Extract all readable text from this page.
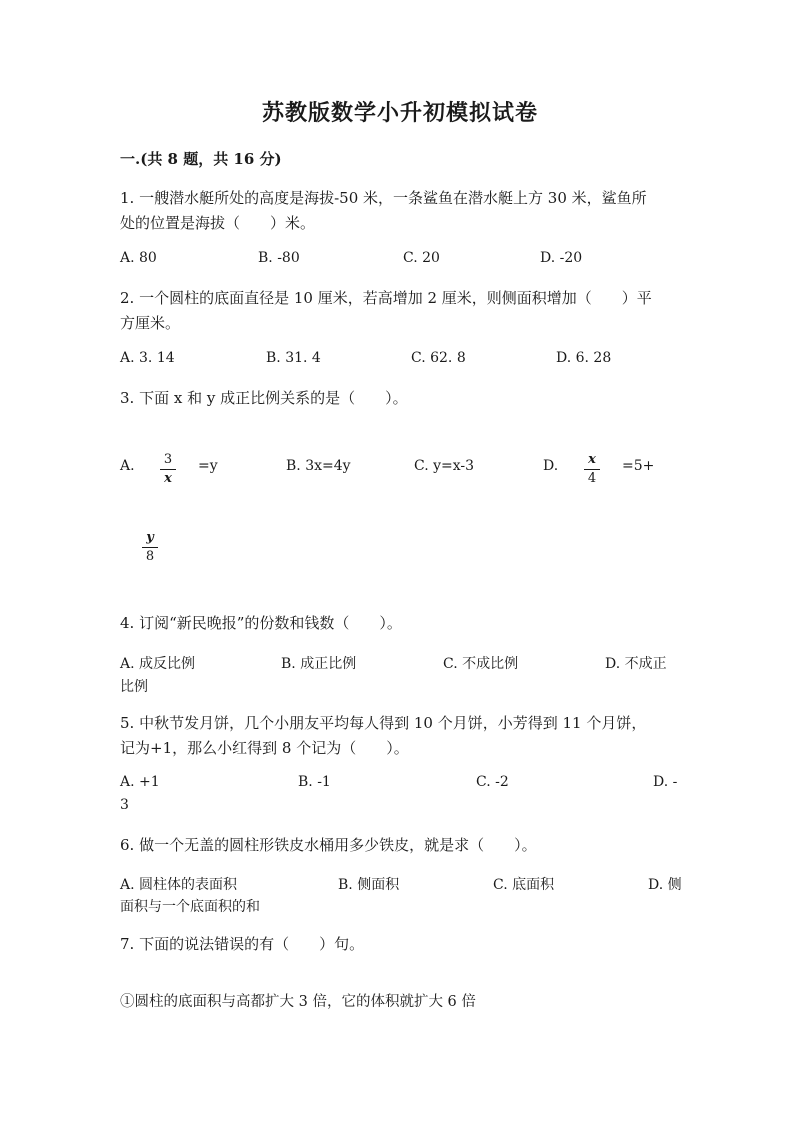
苏教版数学小升初模拟试卷
一.(共 8 题，共 16 分)
1. 一艘潜水艇所处的高度是海拔-50 米，一条鲨鱼在潜水艇上方 30 米，鲨鱼所
处的位置是海拔（　　）米。
A. 80	B. -80	C. 20	D. -20
2. 一个圆柱的底面直径是 10 厘米，若高增加 2 厘米，则侧面积增加（　　）平
方厘米。
A. 3. 14	B. 31. 4	C. 62. 8	D. 6. 28
3. 下面 x 和 y 成正比例关系的是（　　）。
A.	3
x
=y	B. 3x=4y	C. y=x-3	D.	x
4
=5+
y
8
4. 订阅“新民晚报”的份数和钱数（　　）。
A. 成反比例	B. 成正比例	C. 不成比例	D. 不成正
比例
5. 中秋节发月饼，几个小朋友平均每人得到 10 个月饼，小芳得到 11 个月饼，
记为+1，那么小红得到 8 个记为（　　）。
A. +1	B. -1	C. -2	D. -
3
6. 做一个无盖的圆柱形铁皮水桶用多少铁皮，就是求（　　）。
A. 圆柱体的表面积	B. 侧面积	C. 底面积	D. 侧
面积与一个底面积的和
7. 下面的说法错误的有（　　）句。
①圆柱的底面积与高都扩大 3 倍，它的体积就扩大 6 倍
